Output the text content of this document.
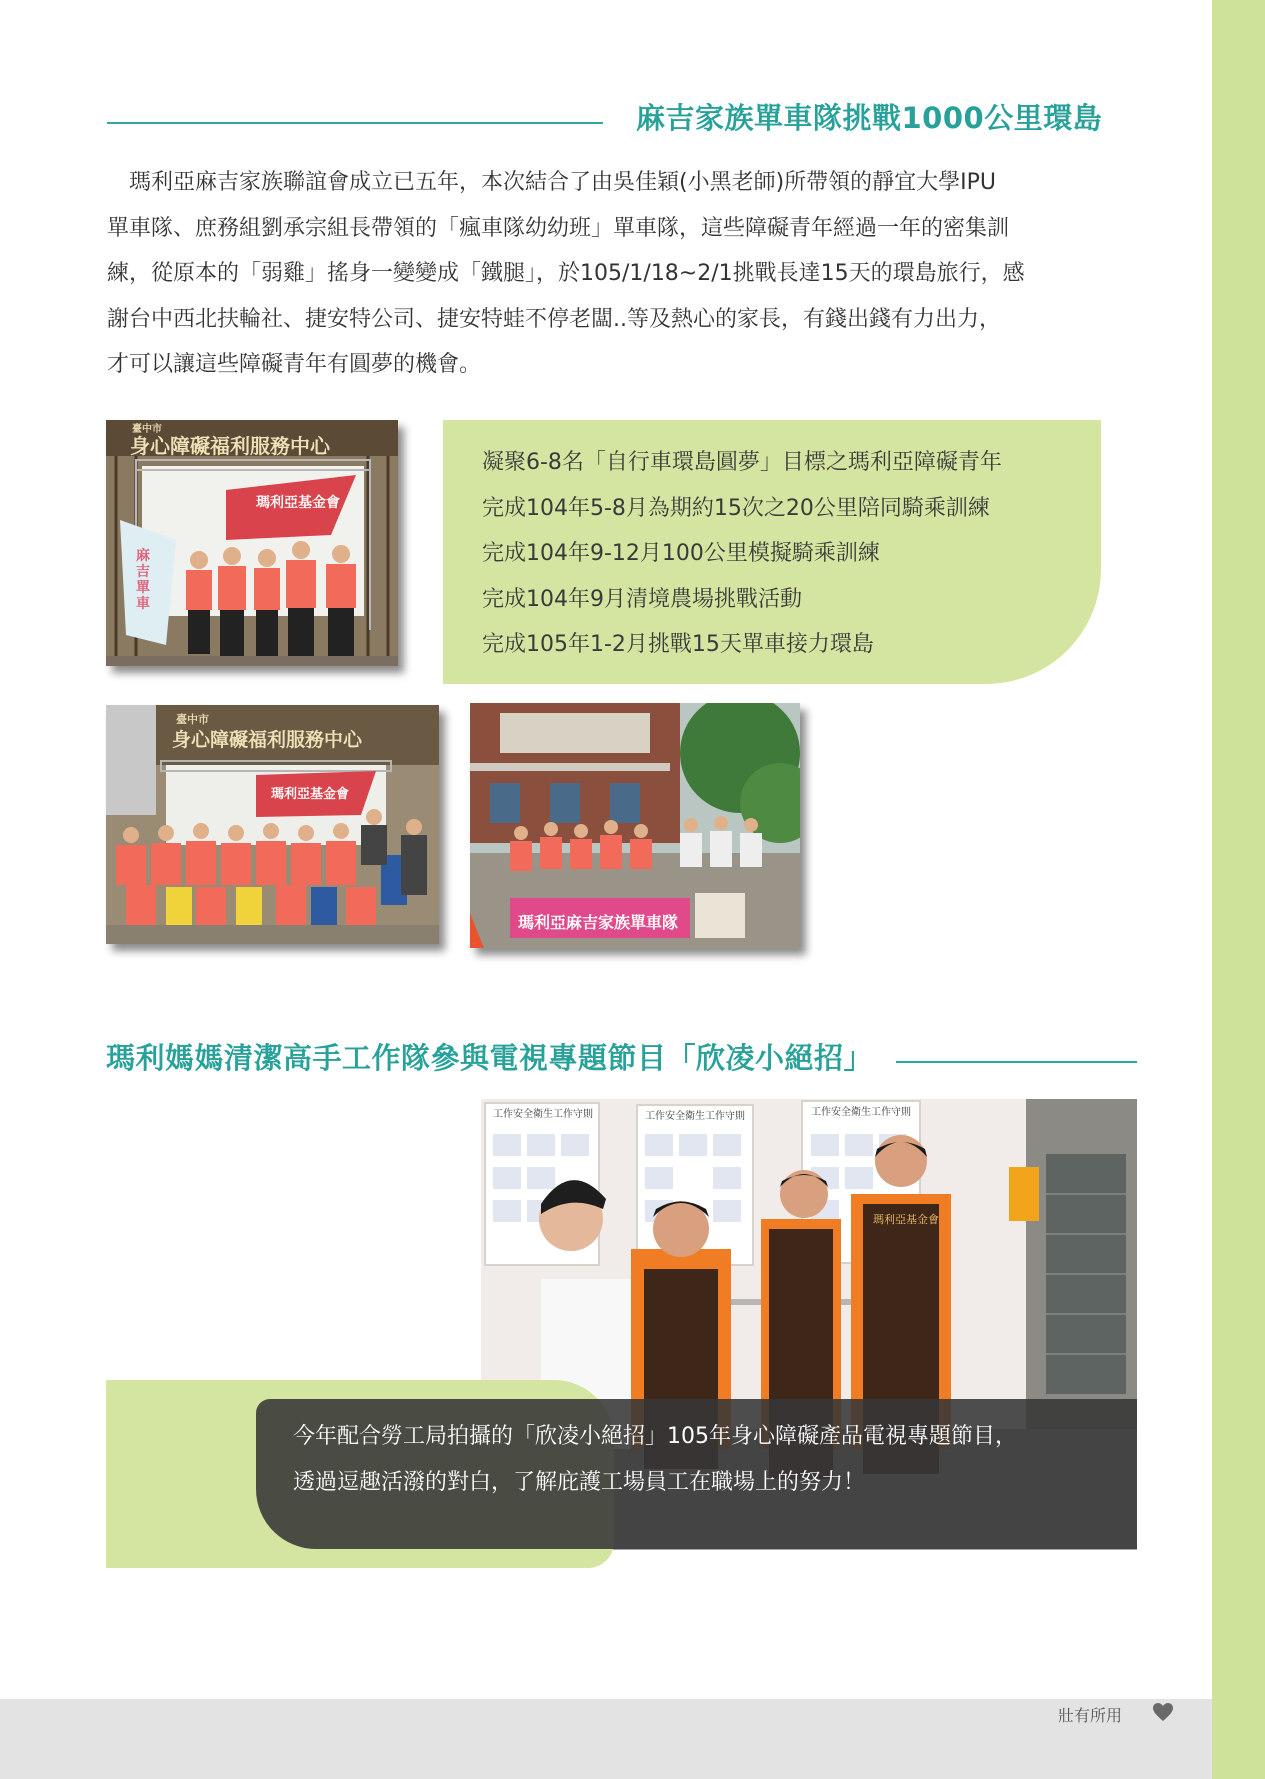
麻吉家族單車隊挑戰1000公里環島
　瑪利亞麻吉家族聯誼會成立已五年，本次結合了由吳佳穎(小黑老師)所帶領的靜宜大學IPU
單車隊、庶務組劉承宗組長帶領的「瘋車隊幼幼班」單車隊，這些障礙青年經過一年的密集訓
練，從原本的「弱雞」搖身一變變成「鐵腿」，於105/1/18~2/1挑戰長達15天的環島旅行，感
謝台中西北扶輪社、捷安特公司、捷安特蛙不停老闆..等及熱心的家長，有錢出錢有力出力，
才可以讓這些障礙青年有圓夢的機會。
臺中市
身心障礙福利服務中心
瑪利亞基金會
麻吉單車
凝聚6-8名「自行車環島圓夢」目標之瑪利亞障礙青年
完成104年5-8月為期約15次之20公里陪同騎乘訓練
完成104年9-12月100公里模擬騎乘訓練
完成104年9月清境農場挑戰活動
完成105年1-2月挑戰15天單車接力環島
臺中市
身心障礙福利服務中心
瑪利亞基金會
瑪利亞麻吉家族單車隊
瑪利媽媽清潔高手工作隊參與電視專題節目「欣凌小絕招」
工作安全衛生工作守則	工作安全衛生工作守則	工作安全衛生工作守則
瑪利亞基金會
今年配合勞工局拍攝的「欣凌小絕招」105年身心障礙產品電視專題節目，
透過逗趣活潑的對白，了解庇護工場員工在職場上的努力！
壯有所用
